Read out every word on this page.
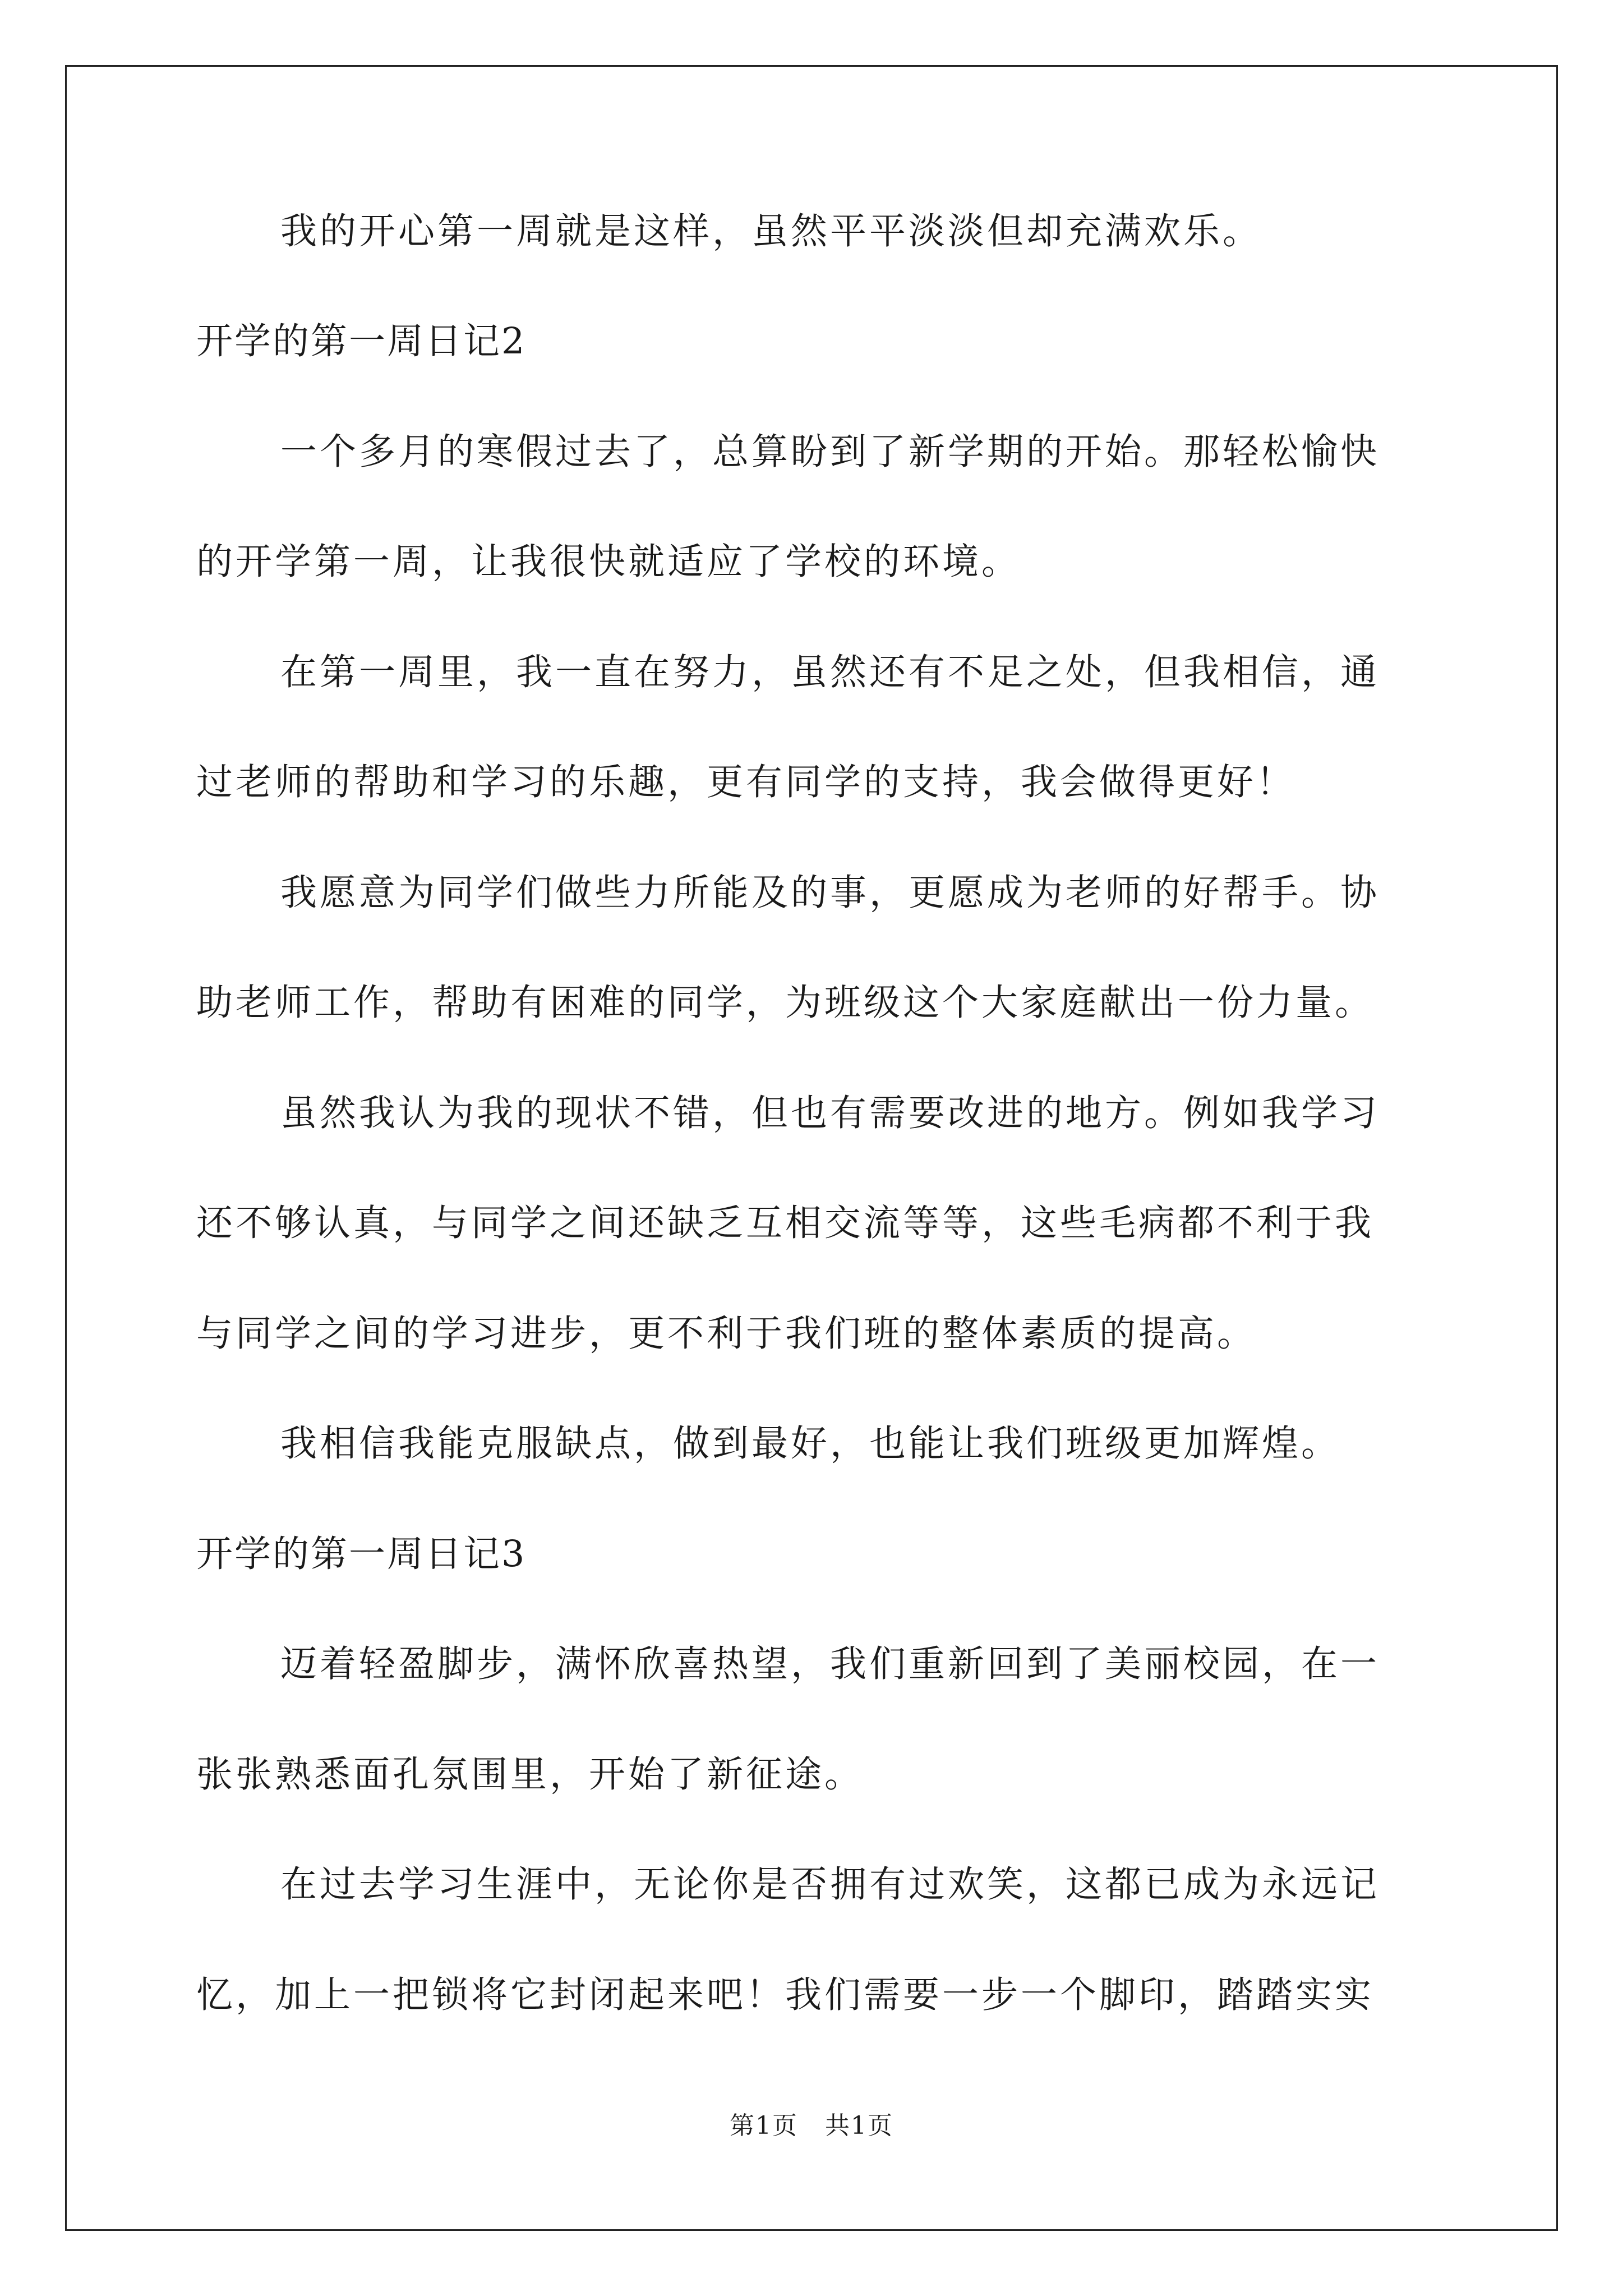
我的开心第一周就是这样，虽然平平淡淡但却充满欢乐。

开学的第一周日记2

一个多月的寒假过去了，总算盼到了新学期的开始。那轻松愉快

的开学第一周，让我很快就适应了学校的环境。

在第一周里，我一直在努力，虽然还有不足之处，但我相信，通

过老师的帮助和学习的乐趣，更有同学的支持，我会做得更好！

我愿意为同学们做些力所能及的事，更愿成为老师的好帮手。协

助老师工作，帮助有困难的同学，为班级这个大家庭献出一份力量。

虽然我认为我的现状不错，但也有需要改进的地方。例如我学习

还不够认真，与同学之间还缺乏互相交流等等，这些毛病都不利于我

与同学之间的学习进步，更不利于我们班的整体素质的提高。

我相信我能克服缺点，做到最好，也能让我们班级更加辉煌。

开学的第一周日记3

迈着轻盈脚步，满怀欣喜热望，我们重新回到了美丽校园，在一

张张熟悉面孔氛围里，开始了新征途。

在过去学习生涯中，无论你是否拥有过欢笑，这都已成为永远记

忆，加上一把锁将它封闭起来吧！我们需要一步一个脚印，踏踏实实

第1页   共1页
